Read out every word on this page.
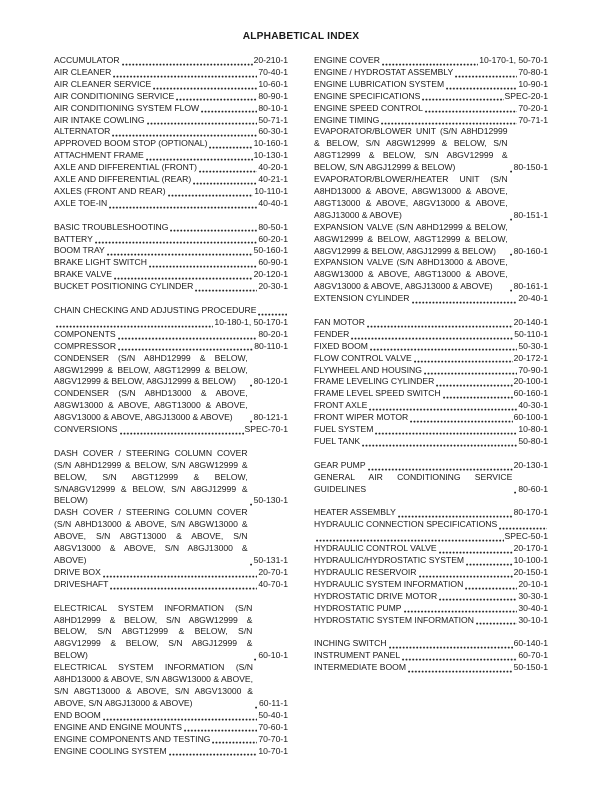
ALPHABETICAL INDEX
ACCUMULATOR	20-210-1
AIR CLEANER	70-40-1
AIR CLEANER SERVICE	10-60-1
AIR CONDITIONING SERVICE	80-90-1
AIR CONDITIONING SYSTEM FLOW	80-10-1
AIR INTAKE COWLING	50-71-1
ALTERNATOR	60-30-1
APPROVED BOOM STOP (OPTIONAL)	10-160-1
ATTACHMENT FRAME	10-130-1
AXLE AND DIFFERENTIAL (FRONT)	40-20-1
AXLE AND DIFFERENTIAL (REAR)	40-21-1
AXLES (FRONT AND REAR)	10-110-1
AXLE TOE-IN	40-40-1
BASIC TROUBLESHOOTING	80-50-1
BATTERY	60-20-1
BOOM TRAY	50-160-1
BRAKE LIGHT SWITCH	60-90-1
BRAKE VALVE	20-120-1
BUCKET POSITIONING CYLINDER	20-30-1
CHAIN CHECKING AND ADJUSTING PROCEDURE
10-180-1, 50-170-1
COMPONENTS	80-20-1
COMPRESSOR	80-110-1
CONDENSER (S/N A8HD12999 & BELOW, A8GW12999 & BELOW, A8GT12999 & BELOW, A8GV12999 & BELOW, A8GJ12999 & BELOW)	80-120-1
CONDENSER (S/N A8HD13000 & ABOVE, A8GW13000 & ABOVE, A8GT13000 & ABOVE, A8GV13000 & ABOVE, A8GJ13000 & ABOVE)	80-121-1
CONVERSIONS	SPEC-70-1
DASH COVER / STEERING COLUMN COVER (S/N A8HD12999 & BELOW, S/N A8GW12999 & BELOW, S/N A8GT12999 & BELOW, S/NA8GV12999 & BELOW, S/N A8GJ12999 & BELOW)	50-130-1
DASH COVER / STEERING COLUMN COVER (S/N A8HD13000 & ABOVE, S/N A8GW13000 & ABOVE, S/N A8GT13000 & ABOVE, S/N A8GV13000 & ABOVE, S/N A8GJ13000 & ABOVE)	50-131-1
DRIVE BOX	20-70-1
DRIVESHAFT	40-70-1
ELECTRICAL SYSTEM INFORMATION (S/N A8HD12999 & BELOW, S/N A8GW12999 & BELOW, S/N A8GT12999 & BELOW, S/N A8GV12999 & BELOW, S/N A8GJ12999 & BELOW)	60-10-1
ELECTRICAL SYSTEM INFORMATION (S/N A8HD13000 & ABOVE, S/N A8GW13000 & ABOVE, S/N A8GT13000 & ABOVE, S/N A8GV13000 & ABOVE, S/N A8GJ13000 & ABOVE)	60-11-1
END BOOM	50-40-1
ENGINE AND ENGINE MOUNTS	70-60-1
ENGINE COMPONENTS AND TESTING	70-70-1
ENGINE COOLING SYSTEM	10-70-1
ENGINE COVER	10-170-1, 50-70-1
ENGINE / HYDROSTAT ASSEMBLY	70-80-1
ENGINE LUBRICATION SYSTEM	10-90-1
ENGINE SPECIFICATIONS	SPEC-20-1
ENGINE SPEED CONTROL	70-20-1
ENGINE TIMING	70-71-1
EVAPORATOR/BLOWER UNIT (S/N A8HD12999 & BELOW, S/N A8GW12999 & BELOW, S/N A8GT12999 & BELOW, S/N A8GV12999 & BELOW, S/N A8GJ12999 & BELOW)	80-150-1
EVAPORATOR/BLOWER/HEATER UNIT (S/N A8HD13000 & ABOVE, A8GW13000 & ABOVE, A8GT13000 & ABOVE, A8GV13000 & ABOVE, A8GJ13000 & ABOVE)	80-151-1
EXPANSION VALVE (S/N A8HD12999 & BELOW, A8GW12999 & BELOW, A8GT12999 & BELOW, A8GV12999 & BELOW, A8GJ12999 & BELOW)	80-160-1
EXPANSION VALVE (S/N A8HD13000 & ABOVE, A8GW13000 & ABOVE, A8GT13000 & ABOVE, A8GV13000 & ABOVE, A8GJ13000 & ABOVE)	80-161-1
EXTENSION CYLINDER	20-40-1
FAN MOTOR	20-140-1
FENDER	50-110-1
FIXED BOOM	50-30-1
FLOW CONTROL VALVE	20-172-1
FLYWHEEL AND HOUSING	70-90-1
FRAME LEVELING CYLINDER	20-100-1
FRAME LEVEL SPEED SWITCH	60-160-1
FRONT AXLE	40-30-1
FRONT WIPER MOTOR	60-100-1
FUEL SYSTEM	10-80-1
FUEL TANK	50-80-1
GEAR PUMP	20-130-1
GENERAL AIR CONDITIONING SERVICE GUIDELINES	80-60-1
HEATER ASSEMBLY	80-170-1
HYDRAULIC CONNECTION SPECIFICATIONS
SPEC-50-1
HYDRAULIC CONTROL VALVE	20-170-1
HYDRAULIC/HYDROSTATIC SYSTEM	10-100-1
HYDRAULIC RESERVOIR	20-150-1
HYDRAULIC SYSTEM INFORMATION	20-10-1
HYDROSTATIC DRIVE MOTOR	30-30-1
HYDROSTATIC PUMP	30-40-1
HYDROSTATIC SYSTEM INFORMATION	30-10-1
INCHING SWITCH	60-140-1
INSTRUMENT PANEL	60-70-1
INTERMEDIATE BOOM	50-150-1
